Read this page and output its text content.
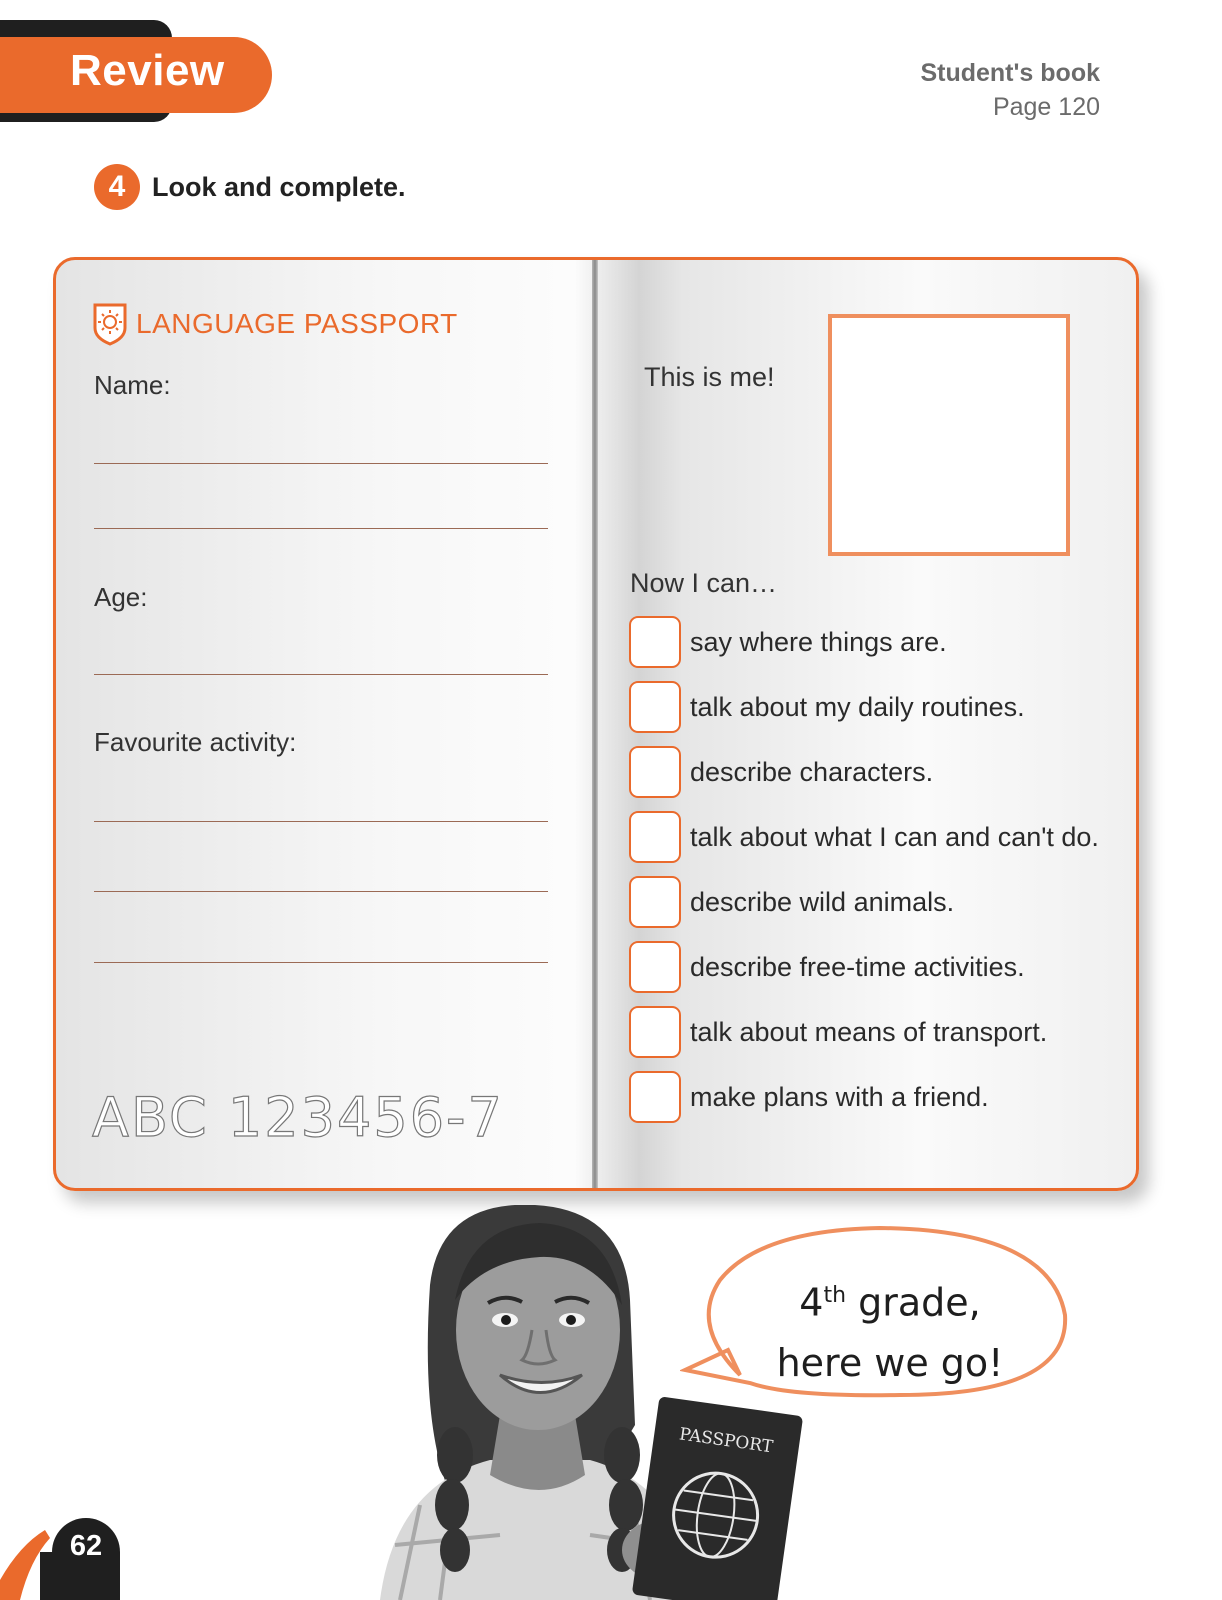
Review	Student's book
Page 120
4 Look and complete.
LANGUAGE PASSPORT
Name:
Age:
Favourite activity:
ABC 123456-7
This is me!
Now I can…
say where things are.
talk about my daily routines.
describe characters.
talk about what I can and can't do.
describe wild animals.
describe free-time activities.
talk about means of transport.
make plans with a friend.
PASSPORT
4th grade,
here we go!
62
